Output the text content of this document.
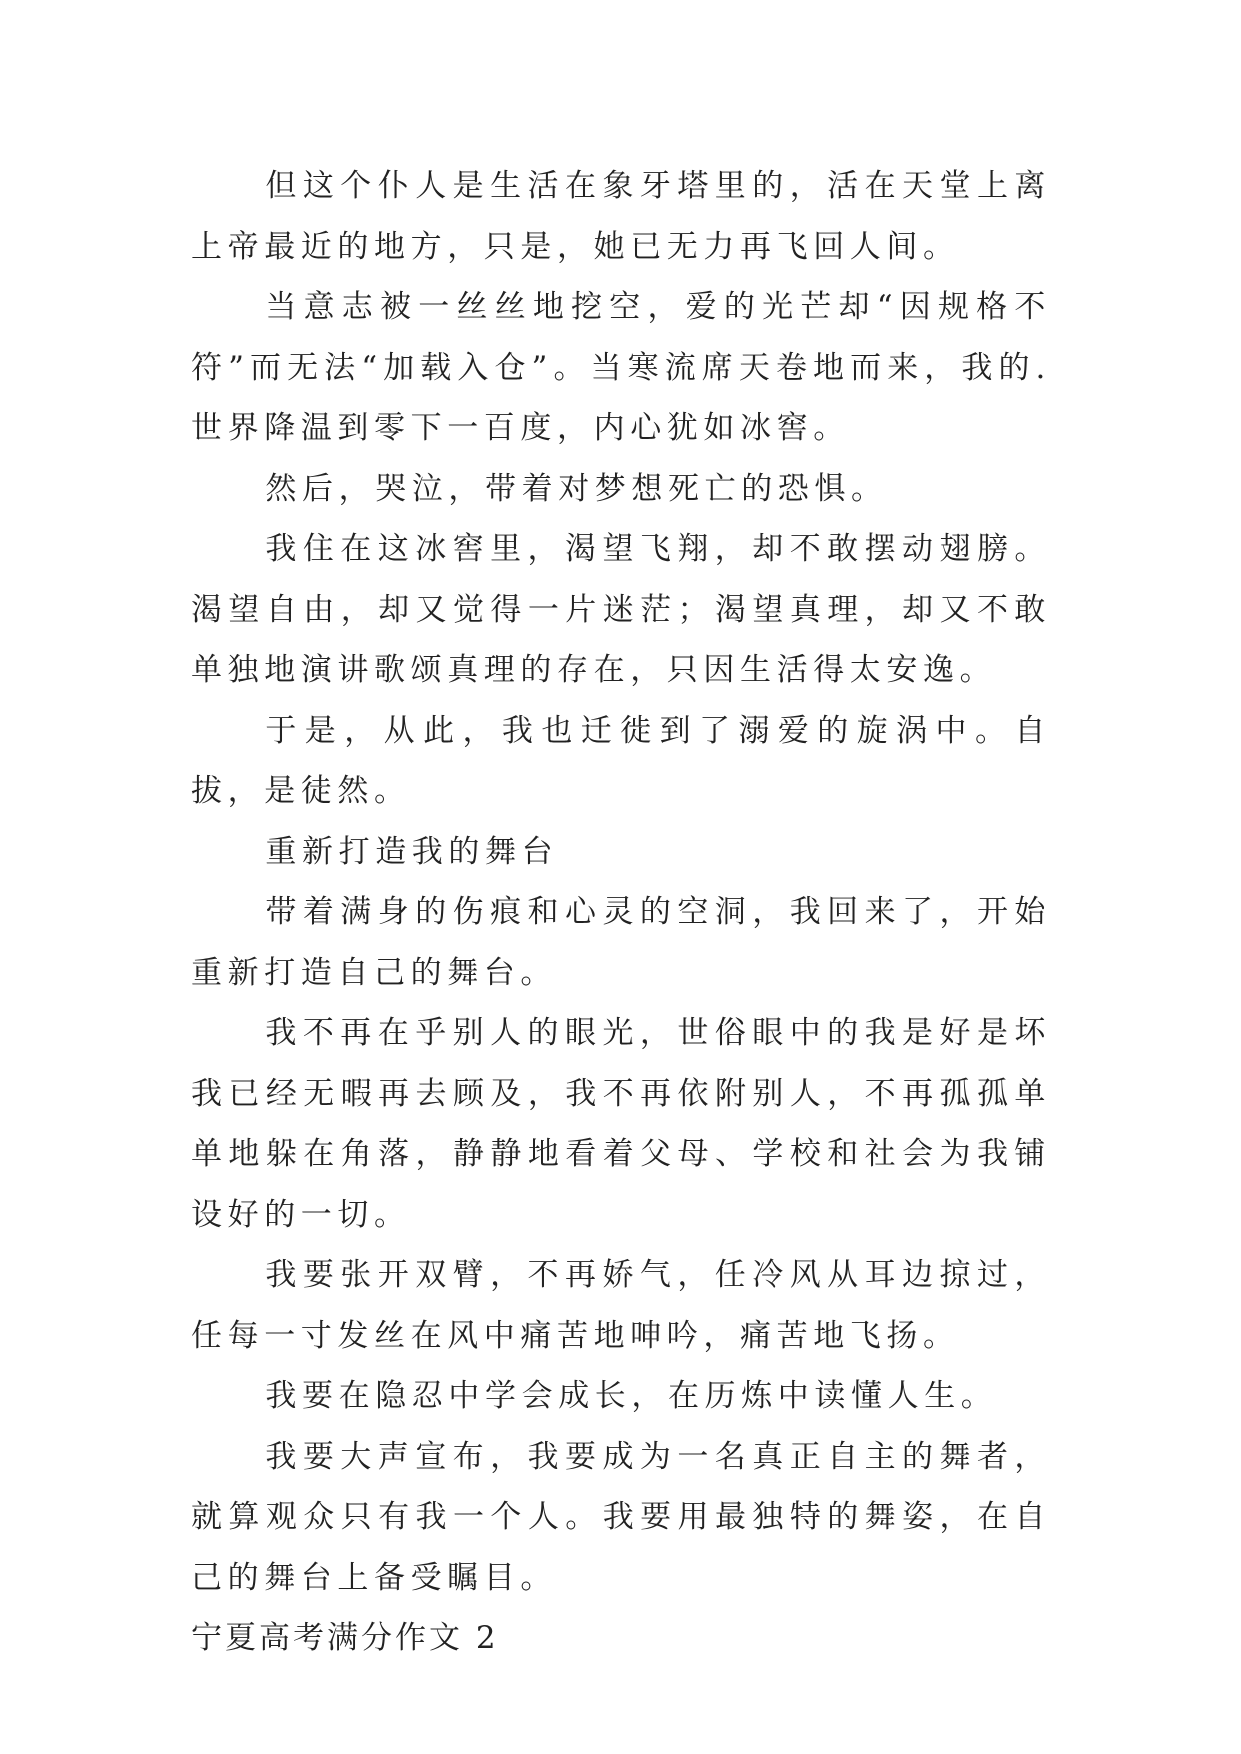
但这个仆人是生活在象牙塔里的，活在天堂上离上帝最近的地方，只是，她已无力再飞回人间。

当意志被一丝丝地挖空，爱的光芒却“因规格不符”而无法“加载入仓”。当寒流席天卷地而来，我的.世界降温到零下一百度，内心犹如冰窖。

然后，哭泣，带着对梦想死亡的恐惧。

我住在这冰窖里，渴望飞翔，却不敢摆动翅膀。渴望自由，却又觉得一片迷茫；渴望真理，却又不敢单独地演讲歌颂真理的存在，只因生活得太安逸。

于是，从此，我也迁徙到了溺爱的旋涡中。自拔，是徒然。

重新打造我的舞台

带着满身的伤痕和心灵的空洞，我回来了，开始重新打造自己的舞台。

我不再在乎别人的眼光，世俗眼中的我是好是坏我已经无暇再去顾及，我不再依附别人，不再孤孤单单地躲在角落，静静地看着父母、学校和社会为我铺设好的一切。

我要张开双臂，不再娇气，任冷风从耳边掠过，任每一寸发丝在风中痛苦地呻吟，痛苦地飞扬。

我要在隐忍中学会成长，在历炼中读懂人生。

我要大声宣布，我要成为一名真正自主的舞者，就算观众只有我一个人。我要用最独特的舞姿，在自己的舞台上备受瞩目。

宁夏高考满分作文 2
